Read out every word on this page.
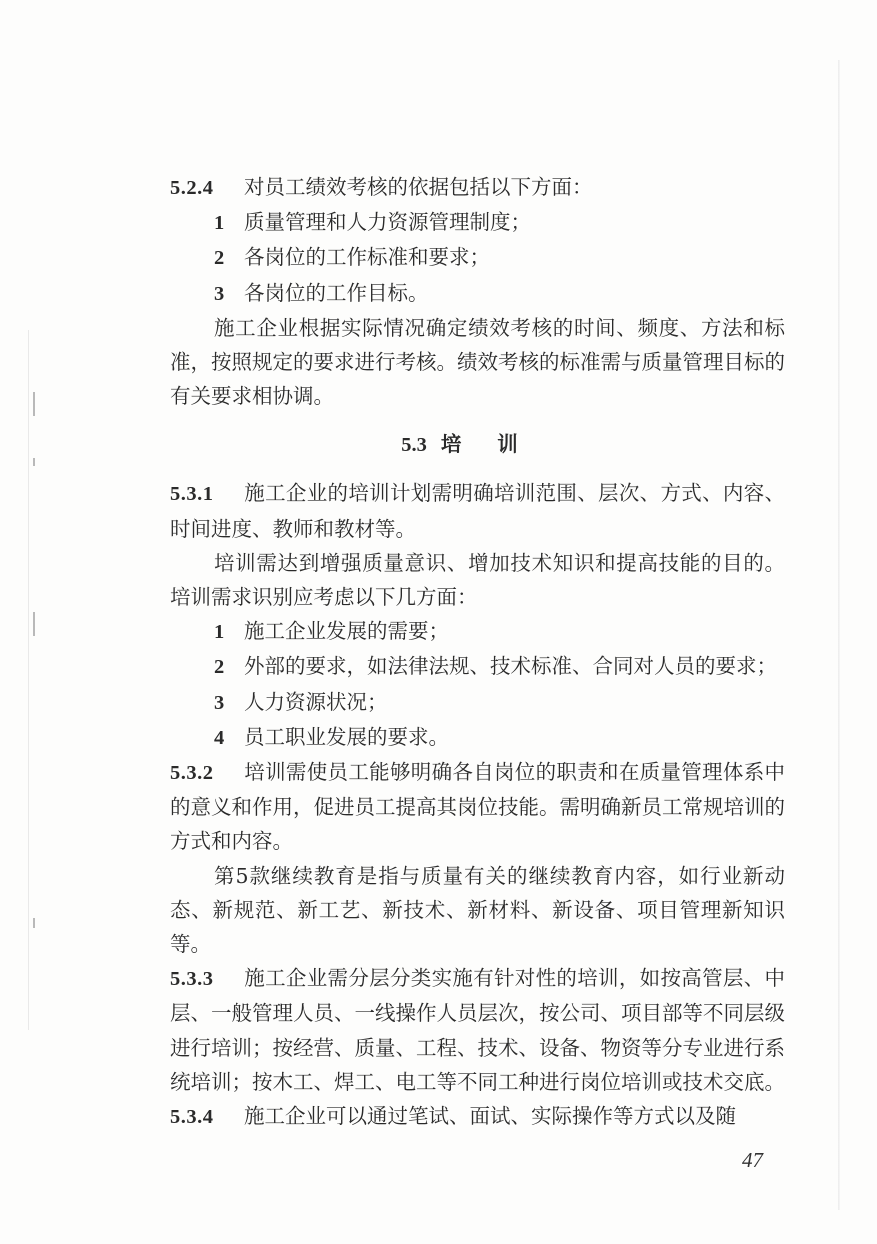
5.2.4 对员工绩效考核的依据包括以下方面：

1 质量管理和人力资源管理制度；

2 各岗位的工作标准和要求；

3 各岗位的工作目标。

施工企业根据实际情况确定绩效考核的时间、频度、方法和标准，按照规定的要求进行考核。绩效考核的标准需与质量管理目标的有关要求相协调。

5.3 培训

5.3.1 施工企业的培训计划需明确培训范围、层次、方式、内容、时间进度、教师和教材等。

培训需达到增强质量意识、增加技术知识和提高技能的目的。培训需求识别应考虑以下几方面：

1 施工企业发展的需要；

2 外部的要求，如法律法规、技术标准、合同对人员的要求；

3 人力资源状况；

4 员工职业发展的要求。

5.3.2 培训需使员工能够明确各自岗位的职责和在质量管理体系中的意义和作用，促进员工提高其岗位技能。需明确新员工常规培训的方式和内容。

第5款继续教育是指与质量有关的继续教育内容，如行业新动态、新规范、新工艺、新技术、新材料、新设备、项目管理新知识等。

5.3.3 施工企业需分层分类实施有针对性的培训，如按高管层、中层、一般管理人员、一线操作人员层次，按公司、项目部等不同层级进行培训；按经营、质量、工程、技术、设备、物资等分专业进行系统培训；按木工、焊工、电工等不同工种进行岗位培训或技术交底。

5.3.4 施工企业可以通过笔试、面试、实际操作等方式以及随

47
